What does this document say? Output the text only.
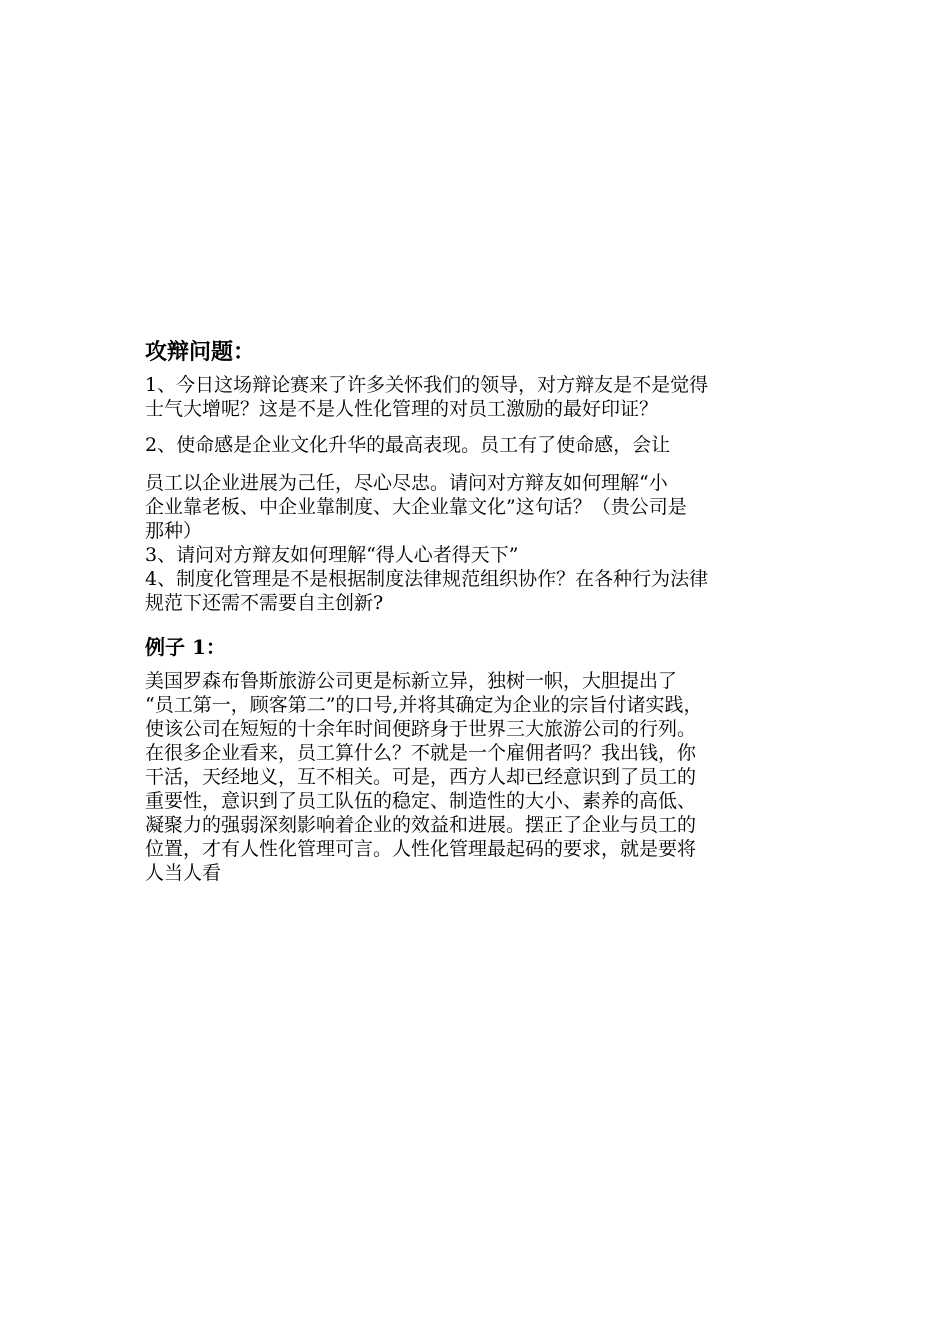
攻辩问题：

1、今日这场辩论赛来了许多关怀我们的领导，对方辩友是不是觉得

士气大增呢？这是不是人性化管理的对员工激励的最好印证？

2、使命感是企业文化升华的最高表现。员工有了使命感，会让

员工以企业进展为己任，尽心尽忠。请问对方辩友如何理解“小

企业靠老板、中企业靠制度、大企业靠文化”这句话？（贵公司是

那种）

3、请问对方辩友如何理解“得人心者得天下”

4、制度化管理是不是根据制度法律规范组织协作？在各种行为法律

规范下还需不需要自主创新?

例子 1：

美国罗森布鲁斯旅游公司更是标新立异，独树一帜，大胆提出了

“员工第一，顾客第二”的口号,并将其确定为企业的宗旨付诸实践，

使该公司在短短的十余年时间便跻身于世界三大旅游公司的行列。

在很多企业看来，员工算什么？不就是一个雇佣者吗？我出钱，你

干活，天经地义，互不相关。可是，西方人却已经意识到了员工的

重要性，意识到了员工队伍的稳定、制造性的大小、素养的高低、

凝聚力的强弱深刻影响着企业的效益和进展。摆正了企业与员工的

位置，才有人性化管理可言。人性化管理最起码的要求，就是要将

人当人看
